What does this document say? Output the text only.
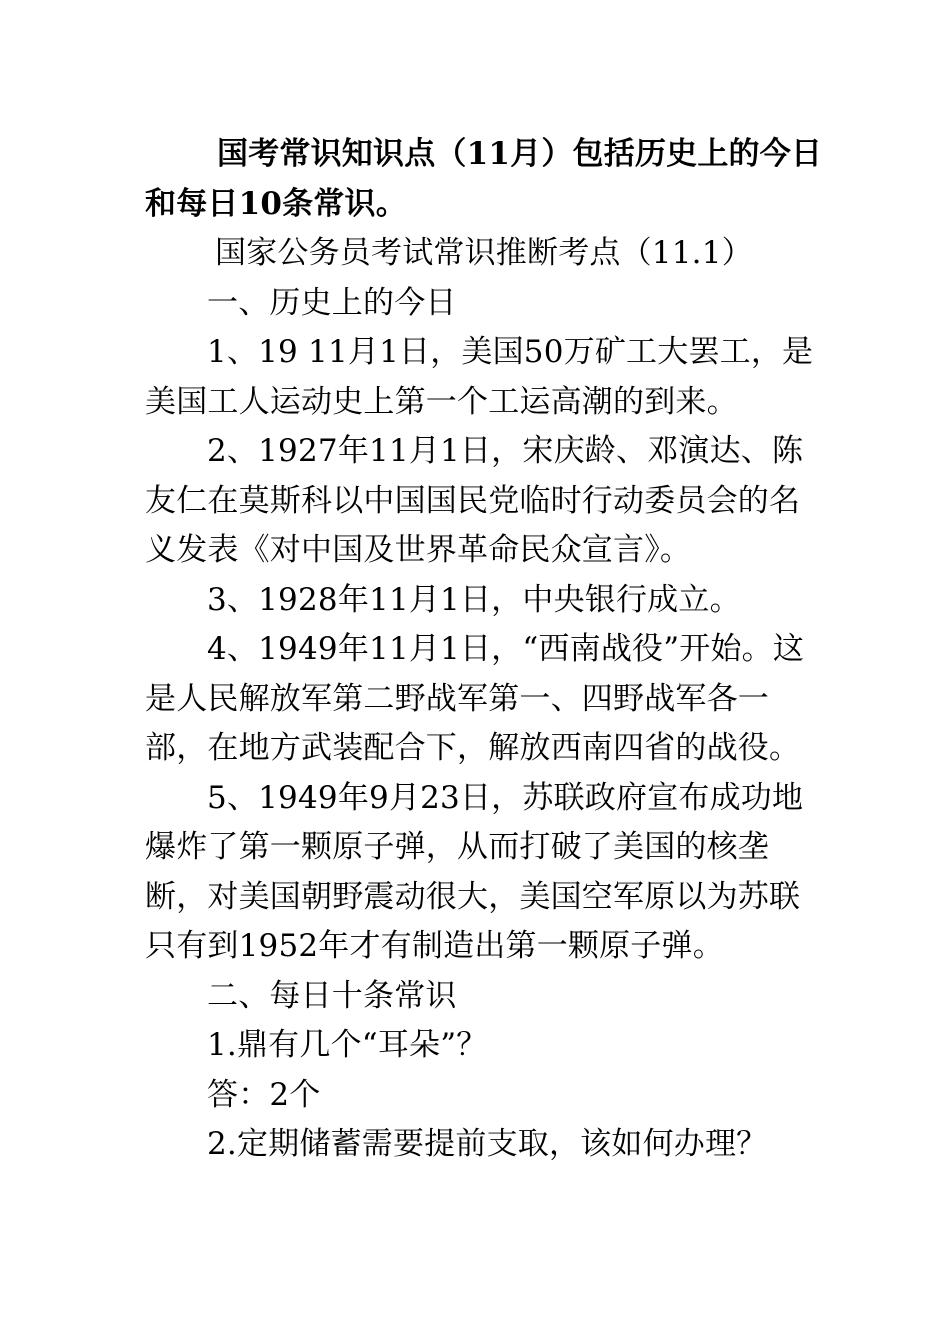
国考常识知识点（11月）包括历史上的今日和每日10条常识。

国家公务员考试常识推断考点（11.1）

一、历史上的今日

1、19 11月1日，美国50万矿工大罢工，是美国工人运动史上第一个工运高潮的到来。

2、1927年11月1日，宋庆龄、邓演达、陈友仁在莫斯科以中国国民党临时行动委员会的名义发表《对中国及世界革命民众宣言》。

3、1928年11月1日，中央银行成立。

4、1949年11月1日，“西南战役”开始。这是人民解放军第二野战军第一、四野战军各一部，在地方武装配合下，解放西南四省的战役。

5、1949年9月23日，苏联政府宣布成功地爆炸了第一颗原子弹，从而打破了美国的核垄断，对美国朝野震动很大，美国空军原以为苏联只有到1952年才有制造出第一颗原子弹。

二、每日十条常识

1.鼎有几个“耳朵”？

答：2个

2.定期储蓄需要提前支取，该如何办理？
